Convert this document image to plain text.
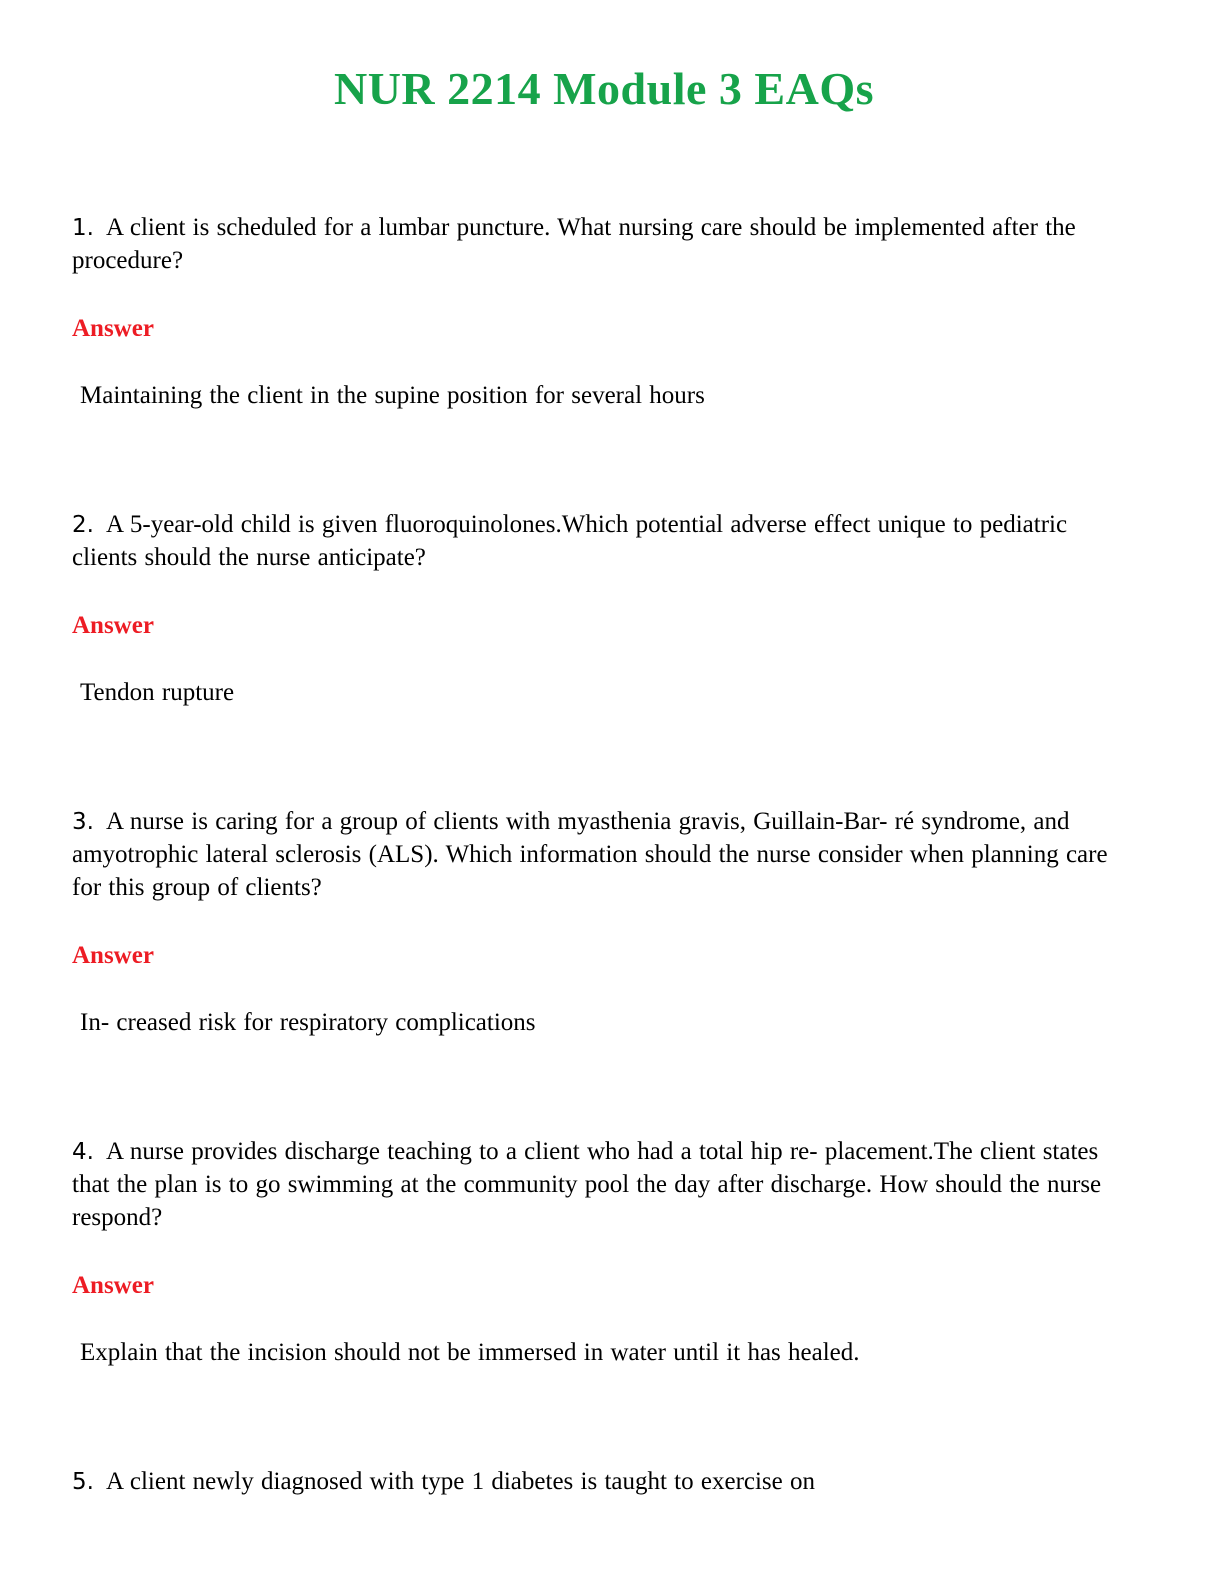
NUR 2214 Module 3 EAQs

1. A client is scheduled for a lumbar puncture. What nursing care should be implemented after the procedure?

Answer

Maintaining the client in the supine position for several hours

2. A 5-year-old child is given fluoroquinolones.Which potential adverse effect unique to pediatric clients should the nurse anticipate?

Answer

Tendon rupture

3. A nurse is caring for a group of clients with myasthenia gravis, Guillain-Bar- ré syndrome, and amyotrophic lateral sclerosis (ALS). Which information should the nurse consider when planning care for this group of clients?

Answer

In- creased risk for respiratory complications

4. A nurse provides discharge teaching to a client who had a total hip re- placement.The client states that the plan is to go swimming at the community pool the day after discharge. How should the nurse respond?

Answer

Explain that the incision should not be immersed in water until it has healed.

5. A client newly diagnosed with type 1 diabetes is taught to exercise on
